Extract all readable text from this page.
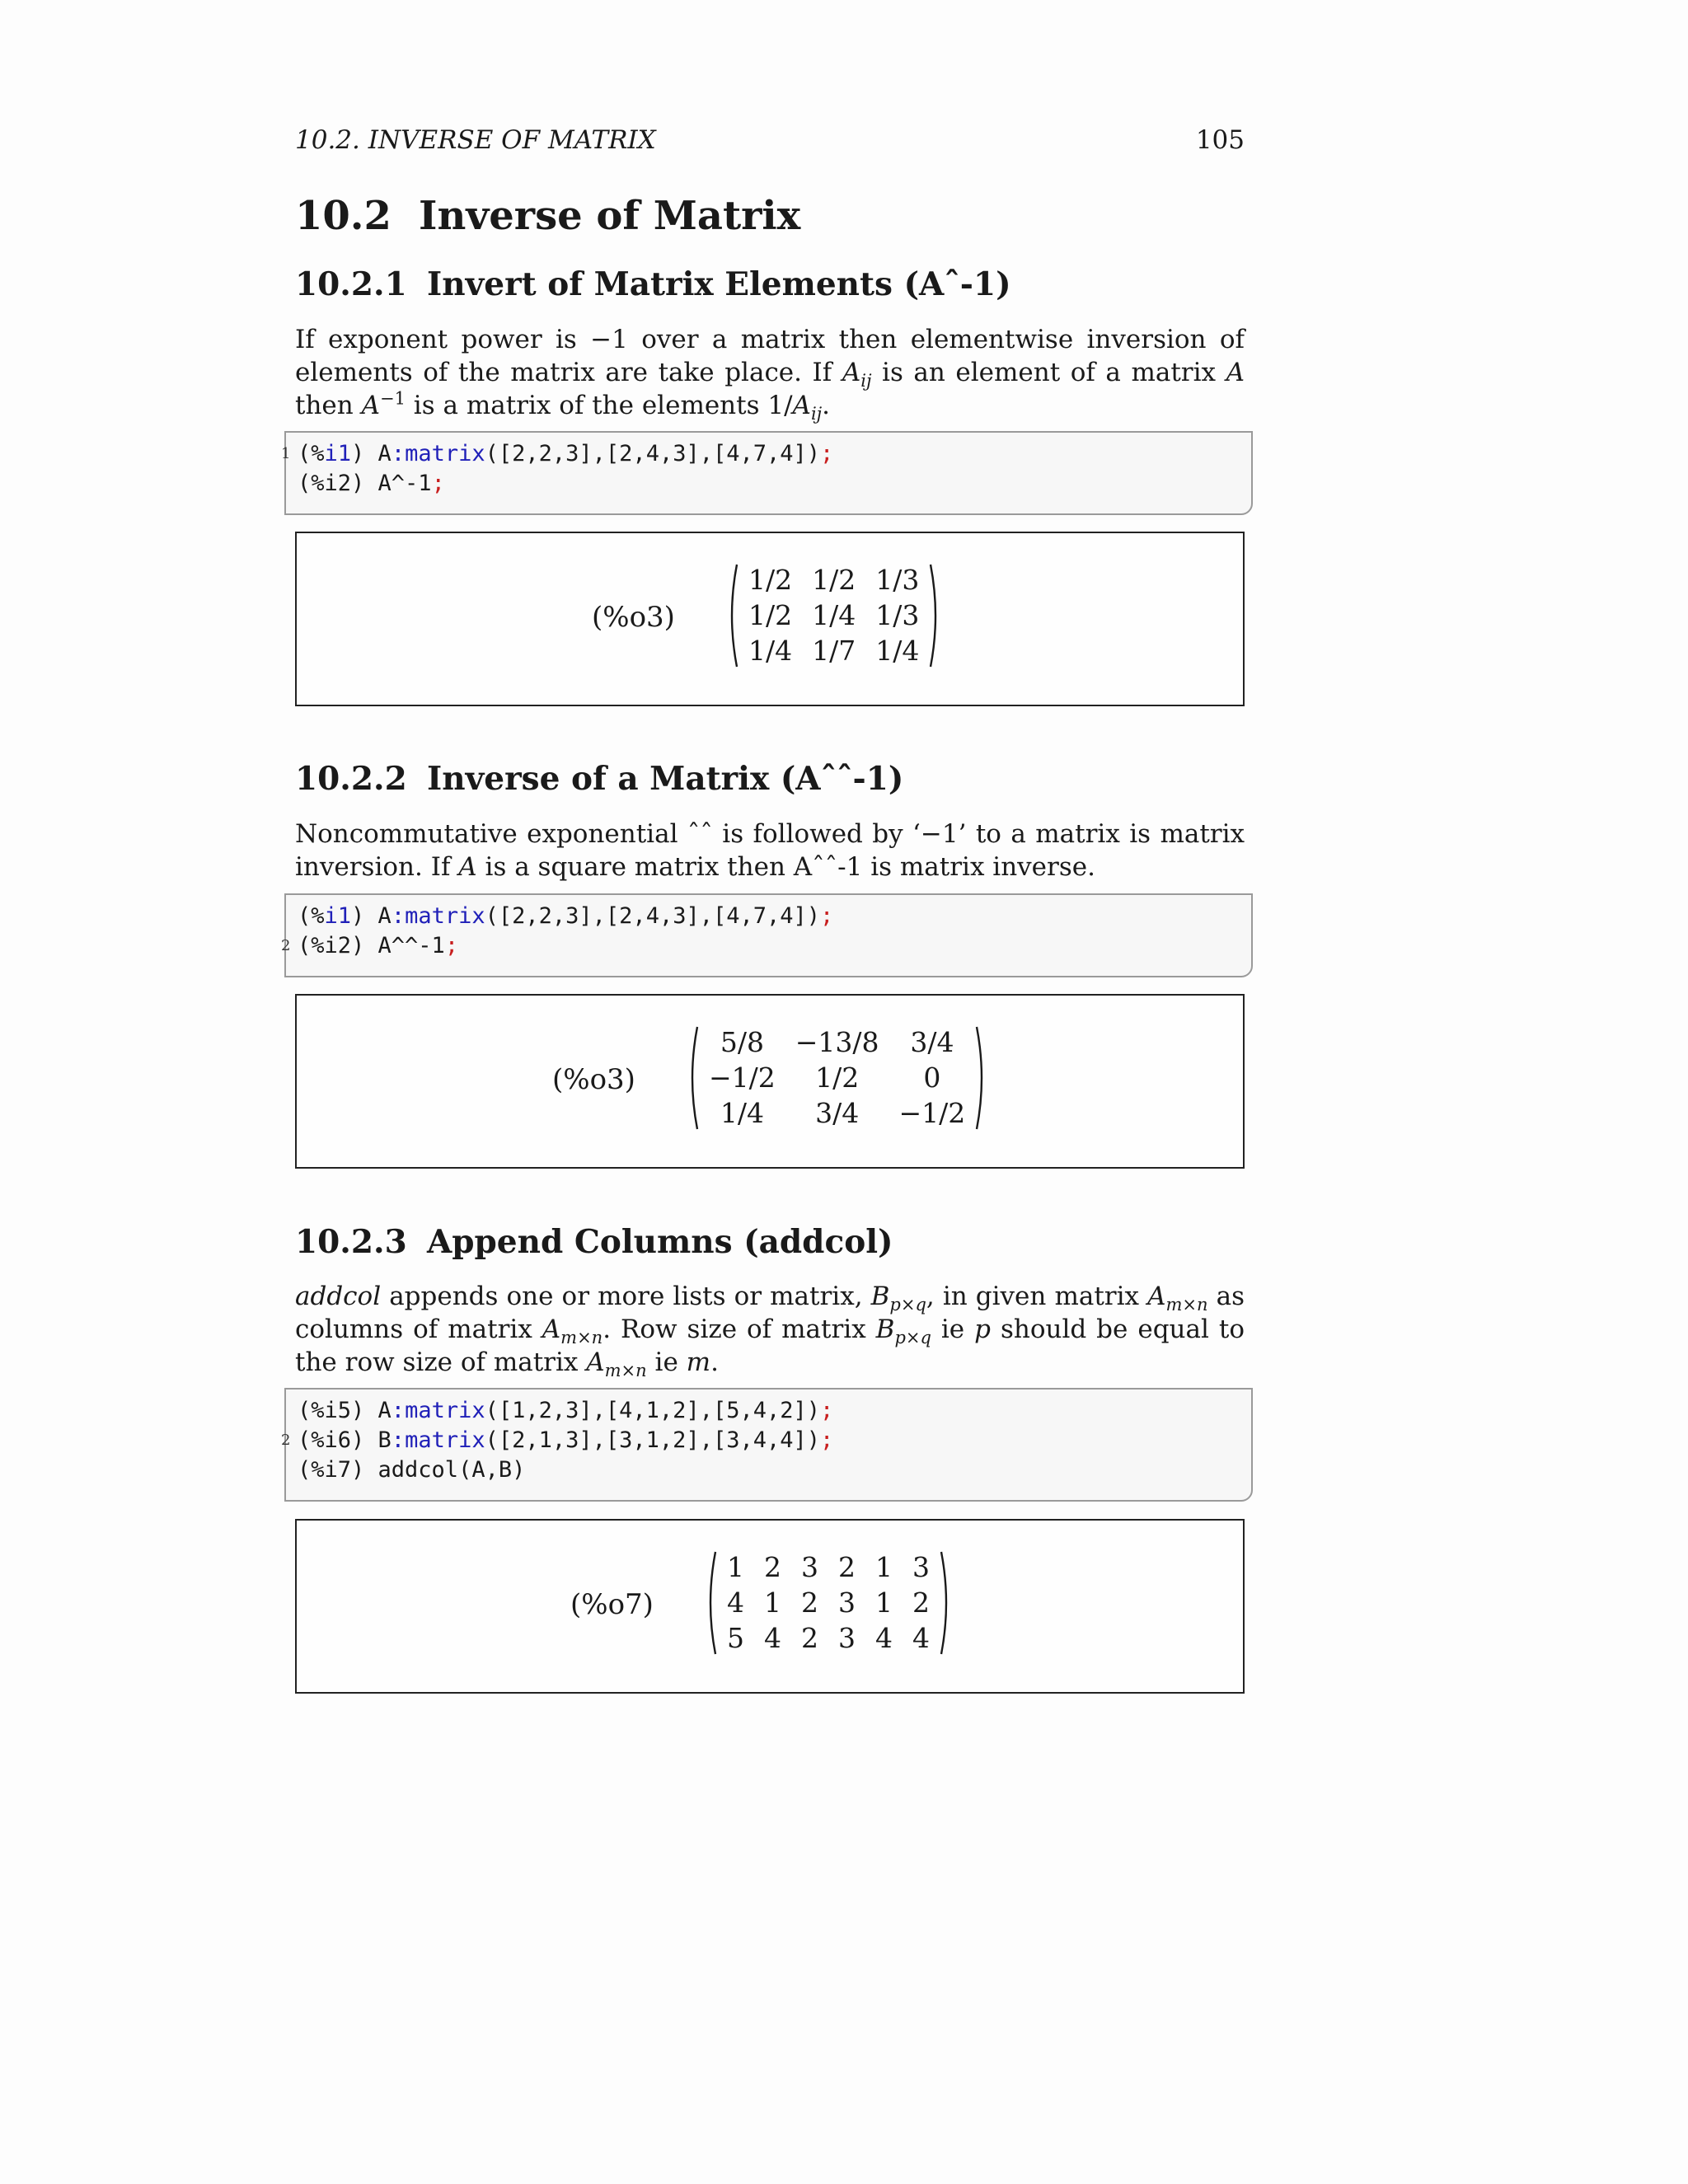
10.2. INVERSE OF MATRIX	105
10.2 Inverse of Matrix
10.2.1 Invert of Matrix Elements (Aˆ-1)
If exponent power is −1 over a matrix then elementwise inversion of elements of the matrix are take place. If $A_{ij}$ is an element of a matrix A then $A^{-1}$ is a matrix of the elements $1/A_{ij}$.
1 (%i1) A:matrix([2,2,3],[2,4,3],[4,7,4]);
(%i2) A^-1;
(%o3)
1/2	1/2	1/3
1/2	1/4	1/3
1/4	1/7	1/4
10.2.2 Inverse of a Matrix (Aˆˆ-1)
Noncommutative exponential ˆˆ is followed by ‘−1’ to a matrix is matrix inversion. If A is a square matrix then Aˆˆ-1 is matrix inverse.
(%i1) A:matrix([2,2,3],[2,4,3],[4,7,4]);
2 (%i2) A^^-1;
(%o3)
5/8	−13/8	3/4
−1/2	1/2	0
1/4	3/4	−1/2
10.2.3 Append Columns (addcol)
addcol appends one or more lists or matrix, $B_{p\times q}$, in given matrix $A_{m\times n}$ as columns of matrix $A_{m\times n}$. Row size of matrix $B_{p\times q}$ ie p should be equal to the row size of matrix $A_{m\times n}$ ie m.
(%i5) A:matrix([1,2,3],[4,1,2],[5,4,2]);
2 (%i6) B:matrix([2,1,3],[3,1,2],[3,4,4]);
(%i7) addcol(A,B)
(%o7)
1	2	3	2	1	3
4	1	2	3	1	2
5	4	2	3	4	4
